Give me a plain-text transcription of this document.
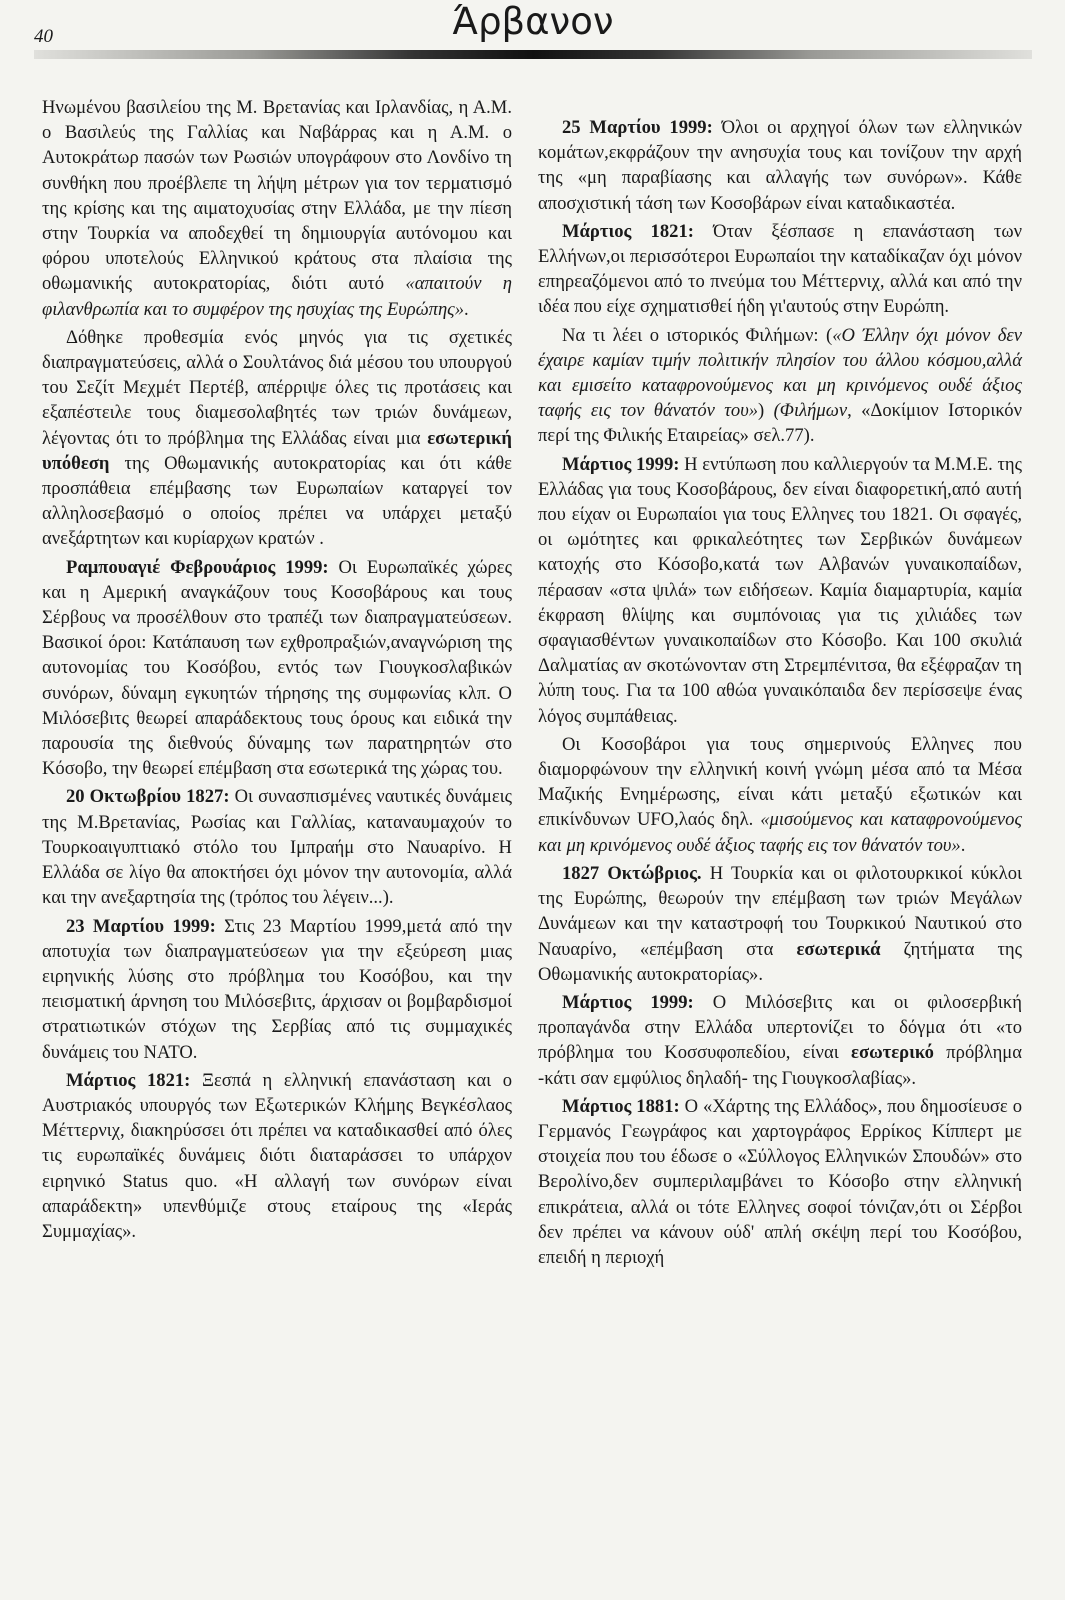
40	Άρβανον

Ηνωμένου βασιλείου της Μ. Βρετανίας και Ιρλανδίας, η Α.Μ. ο Βασιλεύς της Γαλλίας και Ναβάρρας και η Α.Μ. ο Αυτοκράτωρ πασών των Ρωσιών υπογράφουν στο Λονδίνο τη συνθήκη που προέβλεπε τη λήψη μέτρων για τον τερματισμό της κρίσης και της αιματοχυσίας στην Ελλάδα, με την πίεση στην Τουρκία να αποδεχθεί τη δημιουργία αυτόνομου και φόρου υποτελούς Ελληνικού κράτους στα πλαίσια της οθωμανικής αυτοκρατορίας, διότι αυτό «απαιτούν η φιλανθρωπία και το συμφέρον της ησυχίας της Ευρώπης».

Δόθηκε προθεσμία ενός μηνός για τις σχετικές διαπραγματεύσεις, αλλά ο Σουλτάνος διά μέσου του υπουργού του Σεζίτ Μεχμέτ Περτέβ, απέρριψε όλες τις προτάσεις και εξαπέστειλε τους διαμεσολαβητές των τριών δυνάμεων, λέγοντας ότι το πρόβλημα της Ελλάδας είναι μια εσωτερική υπόθεση της Οθωμανικής αυτοκρατορίας και ότι κάθε προσπάθεια επέμβασης των Ευρωπαίων καταργεί τον αλληλοσεβασμό ο οποίος πρέπει να υπάρχει μεταξύ ανεξάρτητων και κυρίαρχων κρατών .

Ραμπουαγιέ Φεβρουάριος 1999: Οι Ευρωπαϊκές χώρες και η Αμερική αναγκάζουν τους Κοσοβάρους και τους Σέρβους να προσέλθουν στο τραπέζι των διαπραγματεύσεων. Βασικοί όροι: Κατάπαυση των εχθροπραξιών,αναγνώριση της αυτονομίας του Κοσόβου, εντός των Γιουγκοσλαβικών συνόρων, δύναμη εγκυητών τήρησης της συμφωνίας κλπ. Ο Μιλόσεβιτς θεωρεί απαράδεκτους τους όρους και ειδικά την παρουσία της διεθνούς δύναμης των παρατηρητών στο Κόσοβο, την θεωρεί επέμβαση στα εσωτερικά της χώρας του.

20 Οκτωβρίου 1827: Οι συνασπισμένες ναυτικές δυνάμεις της Μ.Βρετανίας, Ρωσίας και Γαλλίας, καταναυμαχούν το Τουρκοαιγυπτιακό στόλο του Ιμπραήμ στο Ναυαρίνο. Η Ελλάδα σε λίγο θα αποκτήσει όχι μόνον την αυτονομία, αλλά και την ανεξαρτησία της (τρόπος του λέγειν...).

23 Μαρτίου 1999: Στις 23 Μαρτίου 1999,μετά από την αποτυχία των διαπραγματεύσεων για την εξεύρεση μιας ειρηνικής λύσης στο πρόβλημα του Κοσόβου, και την πεισματική άρνηση του Μιλόσεβιτς, άρχισαν οι βομβαρδισμοί στρατιωτικών στόχων της Σερβίας από τις συμμαχικές δυνάμεις του ΝΑΤΟ.

Μάρτιος 1821: Ξεσπά η ελληνική επανάσταση και ο Αυστριακός υπουργός των Εξωτερικών Κλήμης Βεγκέσλαος Μέττερνιχ, διακηρύσσει ότι πρέπει να καταδικασθεί από όλες τις ευρωπαϊκές δυνάμεις διότι διαταράσσει το υπάρχον ειρηνικό Status quo. «Η αλλαγή των συνόρων είναι απαράδεκτη» υπενθύμιζε στους εταίρους της «Ιεράς Συμμαχίας».

25 Μαρτίου 1999: Όλοι οι αρχηγοί όλων των ελληνικών κομάτων,εκφράζουν την ανησυχία τους και τονίζουν την αρχή της «μη παραβίασης και αλλαγής των συνόρων». Κάθε αποσχιστική τάση των Κοσοβάρων είναι καταδικαστέα.

Μάρτιος 1821: Όταν ξέσπασε η επανάσταση των Ελλήνων,οι περισσότεροι Ευρωπαίοι την καταδίκαζαν όχι μόνον επηρεαζόμενοι από το πνεύμα του Μέττερνιχ, αλλά και από την ιδέα που είχε σχηματισθεί ήδη γι'αυτούς στην Ευρώπη.

Να τι λέει ο ιστορικός Φιλήμων: («Ο Έλλην όχι μόνον δεν έχαιρε καμίαν τιμήν πολιτικήν πλησίον του άλλου κόσμου,αλλά και εμισείτο καταφρονούμενος και μη κρινόμενος ουδέ άξιος ταφής εις τον θάνατόν του») (Φιλήμων, «Δοκίμιον Ιστορικόν περί της Φιλικής Εταιρείας» σελ.77).

Μάρτιος 1999: Η εντύπωση που καλλιεργούν τα Μ.Μ.Ε. της Ελλάδας για τους Κοσοβάρους, δεν είναι διαφορετική,από αυτή που είχαν οι Ευρωπαίοι για τους Ελληνες του 1821. Οι σφαγές, οι ωμότητες και φρικαλεότητες των Σερβικών δυνάμεων κατοχής στο Κόσοβο,κατά των Αλβανών γυναικοπαίδων, πέρασαν «στα ψιλά» των ειδήσεων. Καμία διαμαρτυρία, καμία έκφραση θλίψης και συμπόνοιας για τις χιλιάδες των σφαγιασθέντων γυναικοπαίδων στο Κόσοβο. Και 100 σκυλιά Δαλματίας αν σκοτώνονταν στη Στρεμπένιτσα, θα εξέφραζαν τη λύπη τους. Για τα 100 αθώα γυναικόπαιδα δεν περίσσεψε ένας λόγος συμπάθειας.

Οι Κοσοβάροι για τους σημερινούς Ελληνες που διαμορφώνουν την ελληνική κοινή γνώμη μέσα από τα Μέσα Μαζικής Ενημέρωσης, είναι κάτι μεταξύ εξωτικών και επικίνδυνων UFO,λαός δηλ. «μισούμενος και καταφρονούμενος και μη κρινόμενος ουδέ άξιος ταφής εις τον θάνατόν του».

1827 Οκτώβριος. Η Τουρκία και οι φιλοτουρκικοί κύκλοι της Ευρώπης, θεωρούν την επέμβαση των τριών Μεγάλων Δυνάμεων και την καταστροφή του Τουρκικού Ναυτικού στο Ναυαρίνο, «επέμβαση στα εσωτερικά ζητήματα της Οθωμανικής αυτοκρατορίας».

Μάρτιος 1999: Ο Μιλόσεβιτς και οι φιλοσερβική προπαγάνδα στην Ελλάδα υπερτονίζει το δόγμα ότι «το πρόβλημα του Κοσσυφοπεδίου, είναι εσωτερικό πρόβλημα -κάτι σαν εμφύλιος δηλαδή- της Γιουγκοσλαβίας».

Μάρτιος 1881: Ο «Χάρτης της Ελλάδος», που δημοσίευσε ο Γερμανός Γεωγράφος και χαρτογράφος Ερρίκος Κίππερτ με στοιχεία που του έδωσε ο «Σύλλογος Ελληνικών Σπουδών» στο Βερολίνο,δεν συμπεριλαμβάνει το Κόσοβο στην ελληνική επικράτεια, αλλά οι τότε Ελληνες σοφοί τόνιζαν,ότι οι Σέρβοι δεν πρέπει να κάνουν ούδ' απλή σκέψη περί του Κοσόβου, επειδή η περιοχή
